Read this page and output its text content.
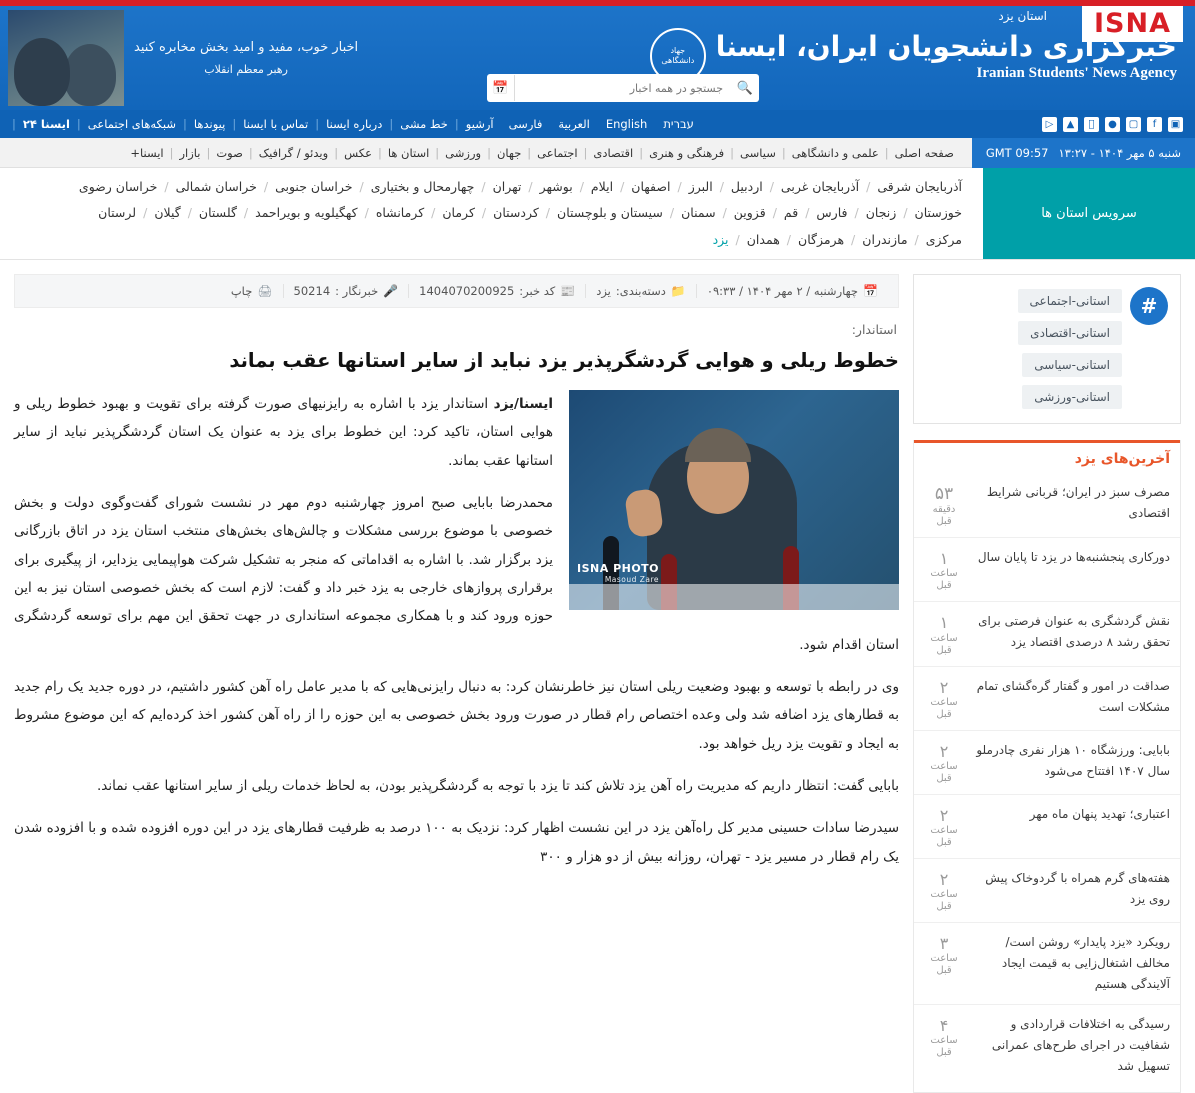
ISNA
استان یزد
خبرگزاری دانشجویان ایران، ایسنا
Iranian Students' News Agency
جهاد
دانشگاهی
🔍
جستجو در همه اخبار
📅
اخبار خوب، مفید و امید بخش مخابره کنید
رهبر معظم انقلاب
▣
f
▢
●
▲
▷
עברית
English
العربية
فارسی
آرشیو
|
خط مشی
|
درباره ایسنا
|
تماس با ایسنا
|
پیوندها
|
شبکه‌های اجتماعی
|
ایسنا ۲۴
|
شنبه ۵ مهر ۱۴۰۴ - ۱۳:۲۷
GMT 09:57
صفحه اصلی
|
علمی و دانشگاهی
|
سیاسی
|
فرهنگی و هنری
|
اقتصادی
|
اجتماعی
|
جهان
|
ورزشی
|
استان ها
|
عکس
|
ویدئو / گرافیک
|
صوت
|
بازار
|
ایسنا+
سرویس استان ها
آذربایجان شرقی
/
آذربایجان غربی
/
اردبیل
/
البرز
/
اصفهان
/
ایلام
/
بوشهر
/
تهران
/
چهارمحال و بختیاری
/
خراسان جنوبی
/
خراسان شمالی
/
خراسان رضوی
خوزستان
/
زنجان
/
فارس
/
قم
/
قزوین
/
سمنان
/
سیستان و بلوچستان
/
کردستان
/
کرمان
/
کرمانشاه
/
کهگیلویه و بویراحمد
/
گلستان
/
گیلان
/
لرستان
مرکزی
/
مازندران
/
هرمزگان
/
همدان
/
یزد
#
استانی-اجتماعی
استانی-اقتصادی
استانی-سیاسی
استانی-ورزشی
آخرین‌های یزد
مصرف سبز در ایران؛ قربانی شرایط اقتصادی
۵۳
دقیقه قبل
دورکاری پنجشنبه‌ها در یزد تا پایان سال
۱
ساعت قبل
نقش گردشگری به عنوان فرصتی برای تحقق رشد ۸ درصدی اقتصاد یزد
۱
ساعت قبل
صداقت در امور و گفتار گره‌گشای تمام مشکلات است
۲
ساعت قبل
بابایی: ورزشگاه ۱۰ هزار نفری چادرملو سال ۱۴۰۷ افتتاح می‌شود
۲
ساعت قبل
اعتباری؛ تهدید پنهان ماه مهر
۲
ساعت قبل
هفته‌های گرم همراه با گردوخاک پیش روی یزد
۲
ساعت قبل
رویکرد «یزد پایدار» روشن است/مخالف اشتغال‌زایی به قیمت ایجاد آلایندگی هستیم
۳
ساعت قبل
رسیدگی به اختلافات قراردادی و شفافیت در اجرای طرح‌های عمرانی تسهیل شد
۴
ساعت قبل
📅
چهارشنبه / ۲ مهر ۱۴۰۴ / ۰۹:۳۳
📁
دسته‌بندی:
یزد
📰
کد خبر:
1404070200925
🎤
خبرنگار :
50214
🖨
چاپ
استاندار:
خطوط ریلی و هوایی گردشگرپذیر یزد نباید از سایر استانها عقب بماند
ISNA PHOTO
Masoud Zare

ایسنا/یزد استاندار یزد با اشاره به رایزنیهای صورت گرفته برای تقویت و بهبود خطوط ریلی و هوایی استان، تاکید کرد: این خطوط برای یزد به عنوان یک استان گردشگرپذیر نباید از سایر استانها عقب بماند.

محمدرضا بابایی صبح امروز چهارشنبه دوم مهر در نشست شورای گفت‌وگوی دولت و بخش خصوصی با موضوع بررسی مشکلات و چالش‌های بخش‌های منتخب استان یزد در اتاق بازرگانی یزد برگزار شد. با اشاره به اقداماتی که منجر به تشکیل شرکت هواپیمایی یزدایر، از پیگیری برای برقراری پروازهای خارجی به یزد خبر داد و گفت: لازم است که بخش خصوصی استان نیز به این حوزه ورود کند و با همکاری مجموعه استانداری در جهت تحقق این مهم برای توسعه گردشگری استان اقدام شود.

وی در رابطه با توسعه و بهبود وضعیت ریلی استان نیز خاطرنشان کرد: به دنبال رایزنی‌هایی که با مدیر عامل راه آهن کشور داشتیم، در دوره جدید یک رام جدید به قطارهای یزد اضافه شد ولی وعده اختصاص رام قطار در صورت ورود بخش خصوصی به این حوزه را از راه آهن کشور اخذ کرده‌ایم که این موضوع مشروط به ایجاد و تقویت یزد ریل خواهد بود.

بابایی گفت: انتظار داریم که مدیریت راه آهن یزد تلاش کند تا یزد با توجه به گردشگرپذیر بودن، به لحاظ خدمات ریلی از سایر استانها عقب نماند.

سیدرضا سادات حسینی مدیر کل راه‌آهن یزد در این نشست اظهار کرد: نزدیک به ۱۰۰ درصد به ظرفیت قطارهای یزد در این دوره افزوده شده و با افزوده شدن یک رام قطار در مسیر یزد - تهران، روزانه بیش از دو هزار و ۳۰۰
